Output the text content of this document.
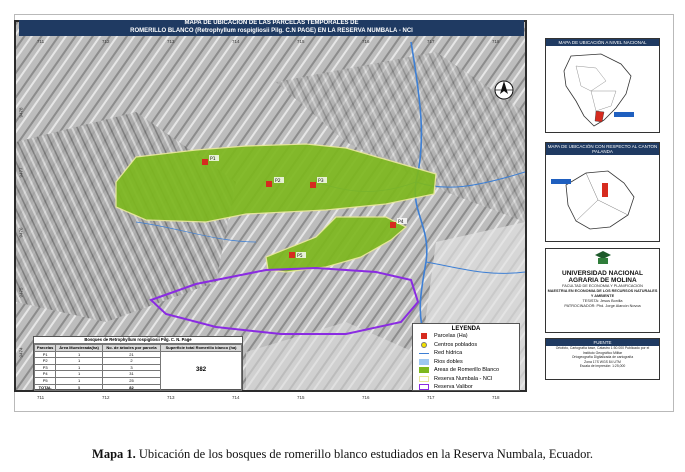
P1
P2	P3
P4
P5
711	712	713	714	715	716	717	718
711	712	713	714	715	716	717	718
9478
9477
9476
9475
9474
MAPA DE UBICACIÓN DE LAS PARCELAS TEMPORALES DE
ROMERILLO BLANCO (Retrophyllum rospigliosii Pilg. C.N PAGE) EN LA RESERVA NUMBALA - NCI
LEYENDA
Parcelas (Ha)
Centros poblados
Red hídrica
Rios dobles
Areas de Romerillo Blanco
Reserva Numbala - NCI
Reserva Valibor
Bosques de Retrophyllum rospigliosii Pilg. C. N. Page
Parcelas	Área Muestreada(ha)	No. de árboles por parcela	Superficie total Romerillo blanco (ha)
P1	1	21	382
P2	1	2	
P3	1	3	
P4	1	31	
P5	1	25	
TOTAL	5	82	
MAPA DE UBICACIÓN A NIVEL NACIONAL
MAPA DE UBICACIÓN CON RESPECTO AL CANTON PALANDA
UNIVERSIDAD NACIONAL
AGRARIA DE MOLINA
FACULTAD DE ECONOMIA Y PLANIFICACION
MAESTRIA EN ECONOMIA DE LOS RECURSOS NATURALES Y AMBIENTE
TESISTA: Jesus Bonilla
PATROCINADOR: Phd. Jorge Alarcón Novoa
FUENTE
Ortofoto, Cartografía base, Catastro 1:50.000 Publicado por el
Instituto Geográfico Militar
Ortogeografía Digitalizada de cartografía
Zona 17S WGS 84 UTM
Escala de impresión: 1:25,000
Mapa 1. Ubicación de los bosques de romerillo blanco estudiados en la Reserva Numbala, Ecuador.
